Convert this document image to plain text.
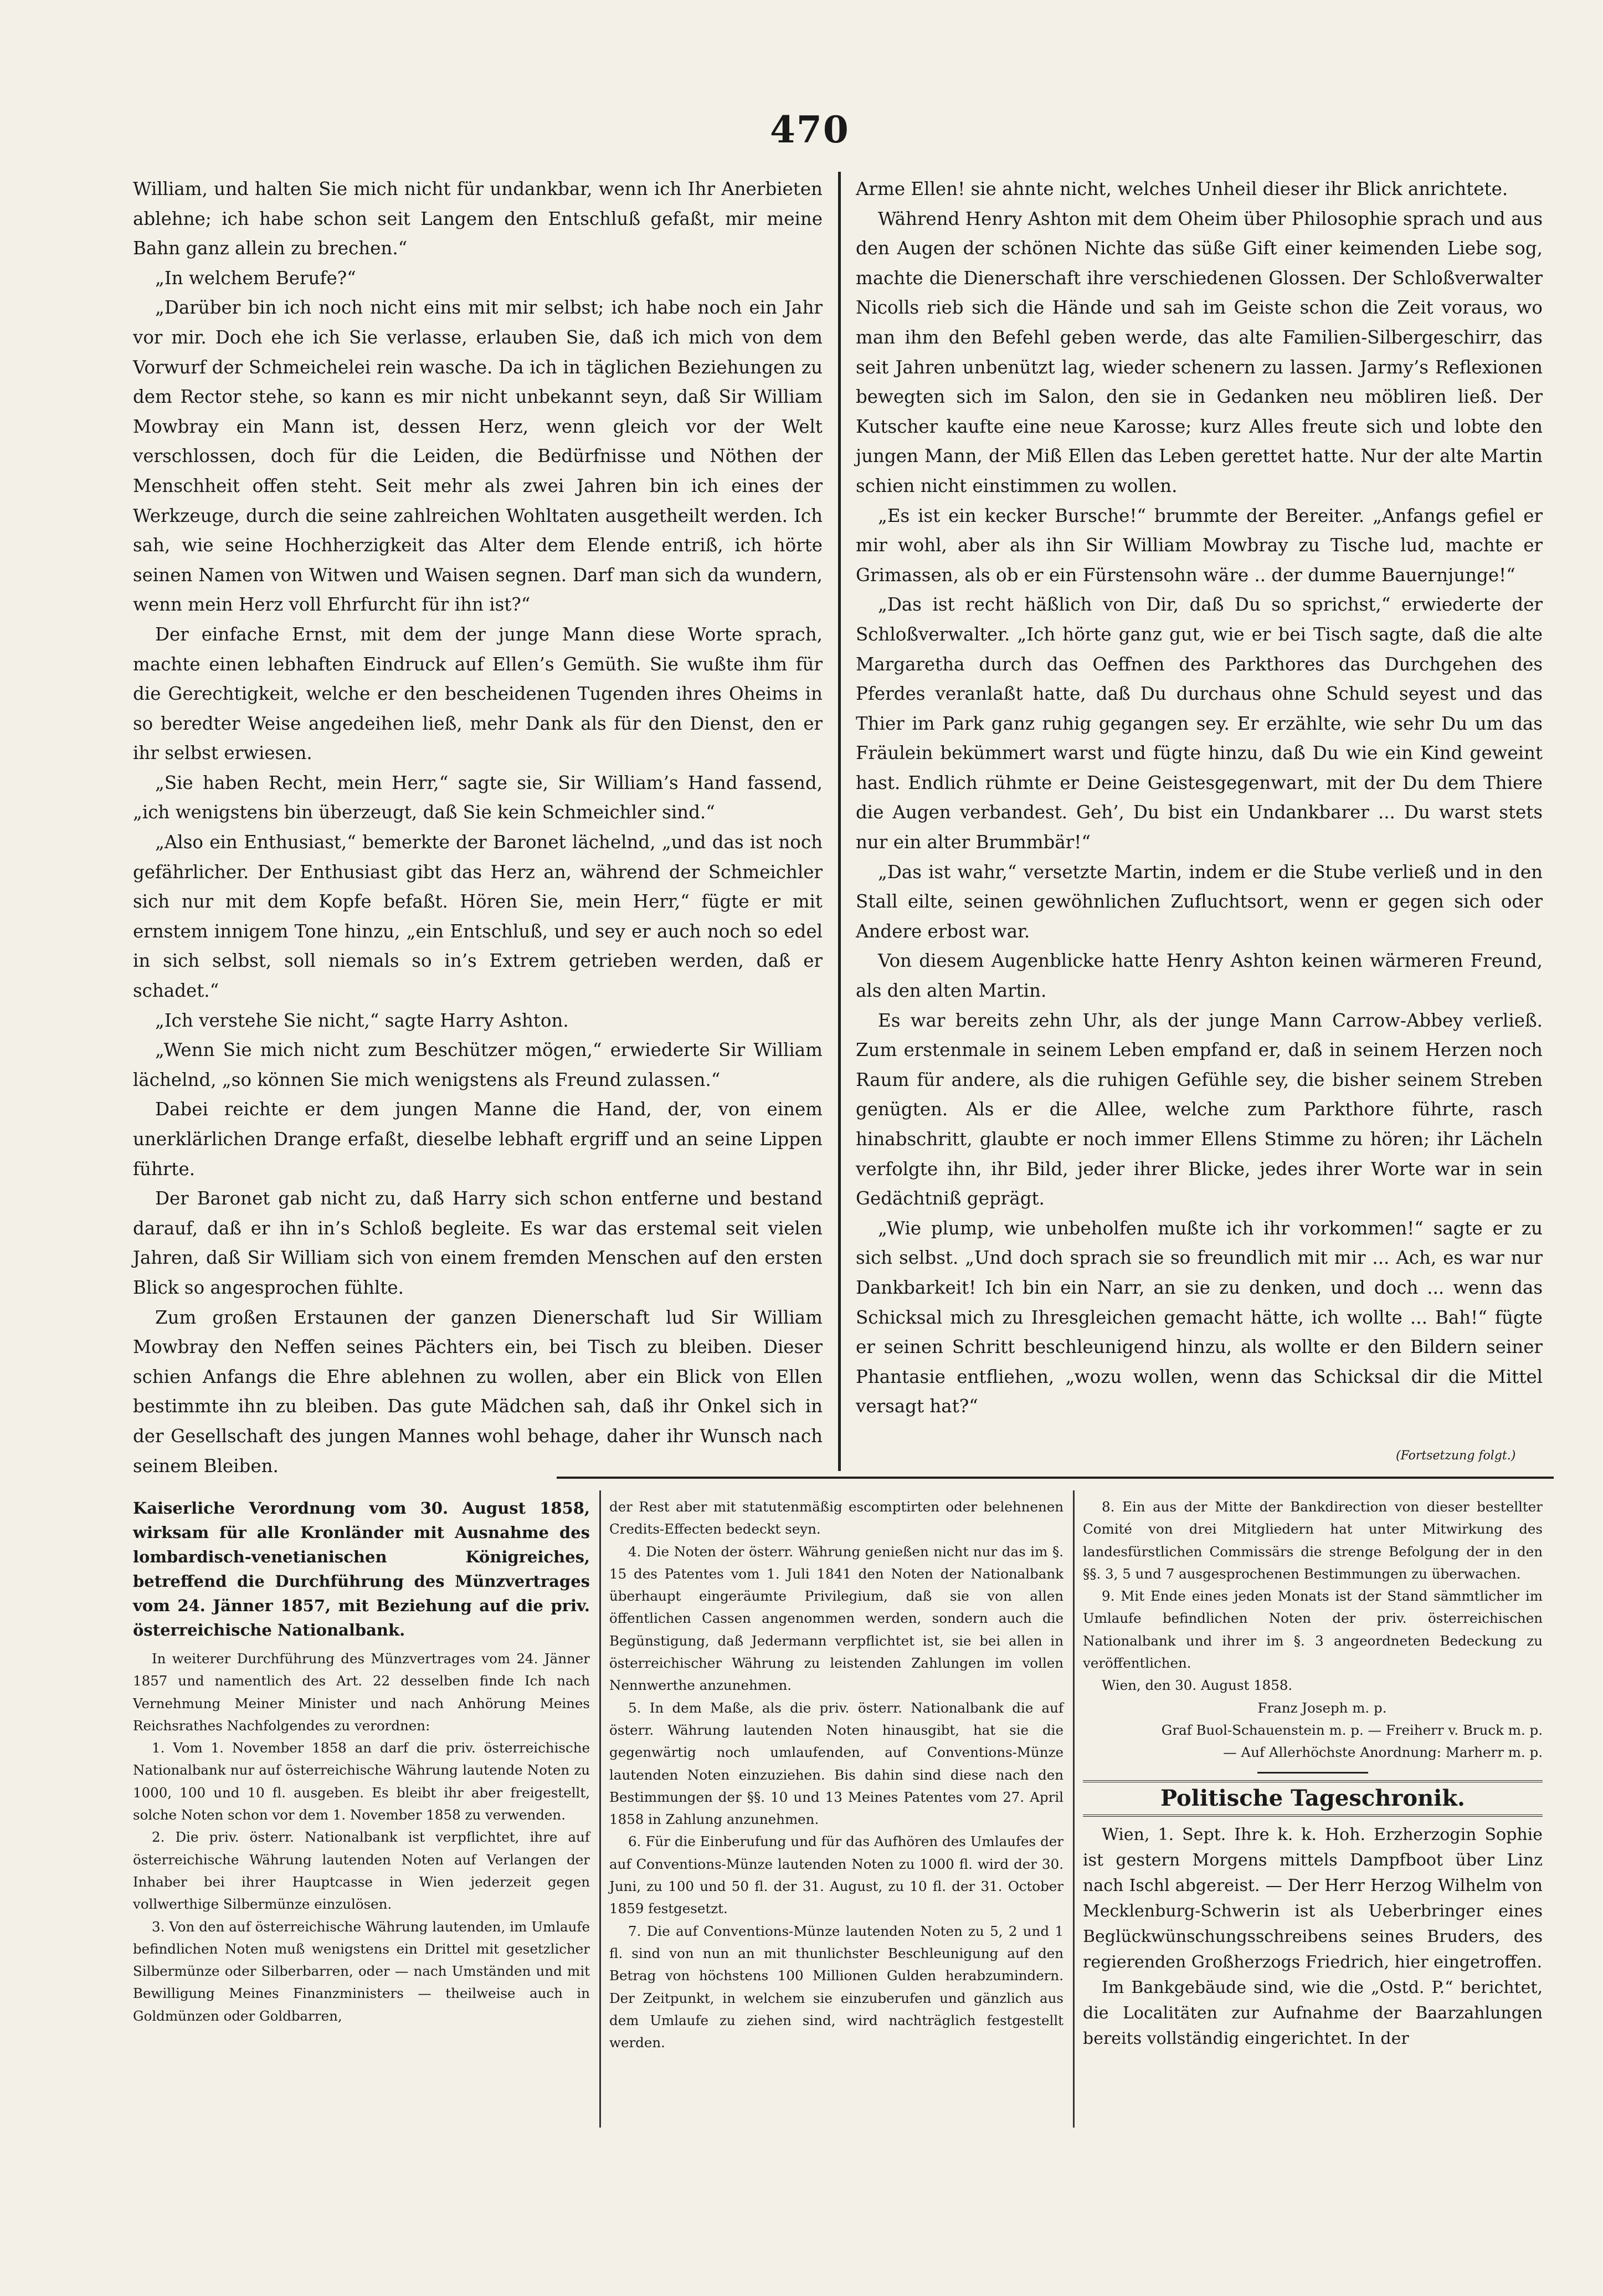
470

William, und halten Sie mich nicht für undankbar, wenn ich Ihr Anerbieten ablehne; ich habe schon seit Langem den Entschluß gefaßt, mir meine Bahn ganz allein zu brechen.“

„In welchem Berufe?“

„Darüber bin ich noch nicht eins mit mir selbst; ich habe noch ein Jahr vor mir. Doch ehe ich Sie verlasse, erlauben Sie, daß ich mich von dem Vorwurf der Schmeichelei rein wasche. Da ich in täglichen Beziehungen zu dem Rector stehe, so kann es mir nicht unbekannt seyn, daß Sir William Mowbray ein Mann ist, dessen Herz, wenn gleich vor der Welt verschlossen, doch für die Leiden, die Bedürfnisse und Nöthen der Menschheit offen steht. Seit mehr als zwei Jahren bin ich eines der Werkzeuge, durch die seine zahlreichen Wohltaten ausgetheilt werden. Ich sah, wie seine Hochherzigkeit das Alter dem Elende entriß, ich hörte seinen Namen von Witwen und Waisen segnen. Darf man sich da wundern, wenn mein Herz voll Ehrfurcht für ihn ist?“

Der einfache Ernst, mit dem der junge Mann diese Worte sprach, machte einen lebhaften Eindruck auf Ellen’s Gemüth. Sie wußte ihm für die Gerechtigkeit, welche er den bescheidenen Tugenden ihres Oheims in so beredter Weise angedeihen ließ, mehr Dank als für den Dienst, den er ihr selbst erwiesen.

„Sie haben Recht, mein Herr,“ sagte sie, Sir William’s Hand fassend, „ich wenigstens bin überzeugt, daß Sie kein Schmeichler sind.“

„Also ein Enthusiast,“ bemerkte der Baronet lächelnd, „und das ist noch gefährlicher. Der Enthusiast gibt das Herz an, während der Schmeichler sich nur mit dem Kopfe befaßt. Hören Sie, mein Herr,“ fügte er mit ernstem innigem Tone hinzu, „ein Entschluß, und sey er auch noch so edel in sich selbst, soll niemals so in’s Extrem getrieben werden, daß er schadet.“

„Ich verstehe Sie nicht,“ sagte Harry Ashton.

„Wenn Sie mich nicht zum Beschützer mögen,“ erwiederte Sir William lächelnd, „so können Sie mich wenigstens als Freund zulassen.“

Dabei reichte er dem jungen Manne die Hand, der, von einem unerklärlichen Drange erfaßt, dieselbe lebhaft ergriff und an seine Lippen führte.

Der Baronet gab nicht zu, daß Harry sich schon entferne und bestand darauf, daß er ihn in’s Schloß begleite. Es war das erstemal seit vielen Jahren, daß Sir William sich von einem fremden Menschen auf den ersten Blick so angesprochen fühlte.

Zum großen Erstaunen der ganzen Dienerschaft lud Sir William Mowbray den Neffen seines Pächters ein, bei Tisch zu bleiben. Dieser schien Anfangs die Ehre ablehnen zu wollen, aber ein Blick von Ellen bestimmte ihn zu bleiben. Das gute Mädchen sah, daß ihr Onkel sich in der Gesellschaft des jungen Mannes wohl behage, daher ihr Wunsch nach seinem Bleiben.

Arme Ellen! sie ahnte nicht, welches Unheil dieser ihr Blick anrichtete.

Während Henry Ashton mit dem Oheim über Philosophie sprach und aus den Augen der schönen Nichte das süße Gift einer keimenden Liebe sog, machte die Dienerschaft ihre verschiedenen Glossen. Der Schloßverwalter Nicolls rieb sich die Hände und sah im Geiste schon die Zeit voraus, wo man ihm den Befehl geben werde, das alte Familien-Silbergeschirr, das seit Jahren unbenützt lag, wieder schenern zu lassen. Jarmy’s Reflexionen bewegten sich im Salon, den sie in Gedanken neu möbliren ließ. Der Kutscher kaufte eine neue Karosse; kurz Alles freute sich und lobte den jungen Mann, der Miß Ellen das Leben gerettet hatte. Nur der alte Martin schien nicht einstimmen zu wollen.

„Es ist ein kecker Bursche!“ brummte der Bereiter. „Anfangs gefiel er mir wohl, aber als ihn Sir William Mowbray zu Tische lud, machte er Grimassen, als ob er ein Fürstensohn wäre .. der dumme Bauernjunge!“

„Das ist recht häßlich von Dir, daß Du so sprichst,“ erwiederte der Schloßverwalter. „Ich hörte ganz gut, wie er bei Tisch sagte, daß die alte Margaretha durch das Oeffnen des Parkthores das Durchgehen des Pferdes veranlaßt hatte, daß Du durchaus ohne Schuld seyest und das Thier im Park ganz ruhig gegangen sey. Er erzählte, wie sehr Du um das Fräulein bekümmert warst und fügte hinzu, daß Du wie ein Kind geweint hast. Endlich rühmte er Deine Geistesgegenwart, mit der Du dem Thiere die Augen verbandest. Geh’, Du bist ein Undankbarer ... Du warst stets nur ein alter Brummbär!“

„Das ist wahr,“ versetzte Martin, indem er die Stube verließ und in den Stall eilte, seinen gewöhnlichen Zufluchtsort, wenn er gegen sich oder Andere erbost war.

Von diesem Augenblicke hatte Henry Ashton keinen wärmeren Freund, als den alten Martin.

Es war bereits zehn Uhr, als der junge Mann Carrow-Abbey verließ. Zum erstenmale in seinem Leben empfand er, daß in seinem Herzen noch Raum für andere, als die ruhigen Gefühle sey, die bisher seinem Streben genügten. Als er die Allee, welche zum Parkthore führte, rasch hinabschritt, glaubte er noch immer Ellens Stimme zu hören; ihr Lächeln verfolgte ihn, ihr Bild, jeder ihrer Blicke, jedes ihrer Worte war in sein Gedächtniß geprägt.

„Wie plump, wie unbeholfen mußte ich ihr vorkommen!“ sagte er zu sich selbst. „Und doch sprach sie so freundlich mit mir ... Ach, es war nur Dankbarkeit! Ich bin ein Narr, an sie zu denken, und doch ... wenn das Schicksal mich zu Ihresgleichen gemacht hätte, ich wollte ... Bah!“ fügte er seinen Schritt beschleunigend hinzu, als wollte er den Bildern seiner Phantasie entfliehen, „wozu wollen, wenn das Schicksal dir die Mittel versagt hat?“

(Fortsetzung folgt.)
Kaiserliche Verordnung vom 30. August 1858, wirksam für alle Kronländer mit Ausnahme des lombardisch-venetianischen Königreiches, betreffend die Durchführung des Münzvertrages vom 24. Jänner 1857, mit Beziehung auf die priv. österreichische Nationalbank.

In weiterer Durchführung des Münzvertrages vom 24. Jänner 1857 und namentlich des Art. 22 desselben finde Ich nach Vernehmung Meiner Minister und nach Anhörung Meines Reichsrathes Nachfolgendes zu verordnen:

1. Vom 1. November 1858 an darf die priv. österreichische Nationalbank nur auf österreichische Währung lautende Noten zu 1000, 100 und 10 fl. ausgeben. Es bleibt ihr aber freigestellt, solche Noten schon vor dem 1. November 1858 zu verwenden.

2. Die priv. österr. Nationalbank ist verpflichtet, ihre auf österreichische Währung lautenden Noten auf Verlangen der Inhaber bei ihrer Hauptcasse in Wien jederzeit gegen vollwerthige Silbermünze einzulösen.

3. Von den auf österreichische Währung lautenden, im Umlaufe befindlichen Noten muß wenigstens ein Drittel mit gesetzlicher Silbermünze oder Silberbarren, oder — nach Umständen und mit Bewilligung Meines Finanzministers — theilweise auch in Goldmünzen oder Goldbarren,

der Rest aber mit statutenmäßig escomptirten oder belehnenen Credits-Effecten bedeckt seyn.

4. Die Noten der österr. Währung genießen nicht nur das im §. 15 des Patentes vom 1. Juli 1841 den Noten der Nationalbank überhaupt eingeräumte Privilegium, daß sie von allen öffentlichen Cassen angenommen werden, sondern auch die Begünstigung, daß Jedermann verpflichtet ist, sie bei allen in österreichischer Währung zu leistenden Zahlungen im vollen Nennwerthe anzunehmen.

5. In dem Maße, als die priv. österr. Nationalbank die auf österr. Währung lautenden Noten hinausgibt, hat sie die gegenwärtig noch umlaufenden, auf Conventions-Münze lautenden Noten einzuziehen. Bis dahin sind diese nach den Bestimmungen der §§. 10 und 13 Meines Patentes vom 27. April 1858 in Zahlung anzunehmen.

6. Für die Einberufung und für das Aufhören des Umlaufes der auf Conventions-Münze lautenden Noten zu 1000 fl. wird der 30. Juni, zu 100 und 50 fl. der 31. August, zu 10 fl. der 31. October 1859 festgesetzt.

7. Die auf Conventions-Münze lautenden Noten zu 5, 2 und 1 fl. sind von nun an mit thunlichster Beschleunigung auf den Betrag von höchstens 100 Millionen Gulden herabzumindern. Der Zeitpunkt, in welchem sie einzuberufen und gänzlich aus dem Umlaufe zu ziehen sind, wird nachträglich festgestellt werden.

8. Ein aus der Mitte der Bankdirection von dieser bestellter Comité von drei Mitgliedern hat unter Mitwirkung des landesfürstlichen Commissärs die strenge Befolgung der in den §§. 3, 5 und 7 ausgesprochenen Bestimmungen zu überwachen.

9. Mit Ende eines jeden Monats ist der Stand sämmtlicher im Umlaufe befindlichen Noten der priv. österreichischen Nationalbank und ihrer im §. 3 angeordneten Bedeckung zu veröffentlichen.

Wien, den 30. August 1858.

Franz Joseph m. p.

Graf Buol-Schauenstein m. p. — Freiherr v. Bruck m. p.

— Auf Allerhöchste Anordnung: Marherr m. p.

Politische Tageschronik.

Wien, 1. Sept. Ihre k. k. Hoh. Erzherzogin Sophie ist gestern Morgens mittels Dampfboot über Linz nach Ischl abgereist. — Der Herr Herzog Wilhelm von Mecklenburg-Schwerin ist als Ueberbringer eines Beglückwünschungsschreibens seines Bruders, des regierenden Großherzogs Friedrich, hier eingetroffen.

Im Bankgebäude sind, wie die „Ostd. P.“ berichtet, die Localitäten zur Aufnahme der Baarzahlungen bereits vollständig eingerichtet. In der
